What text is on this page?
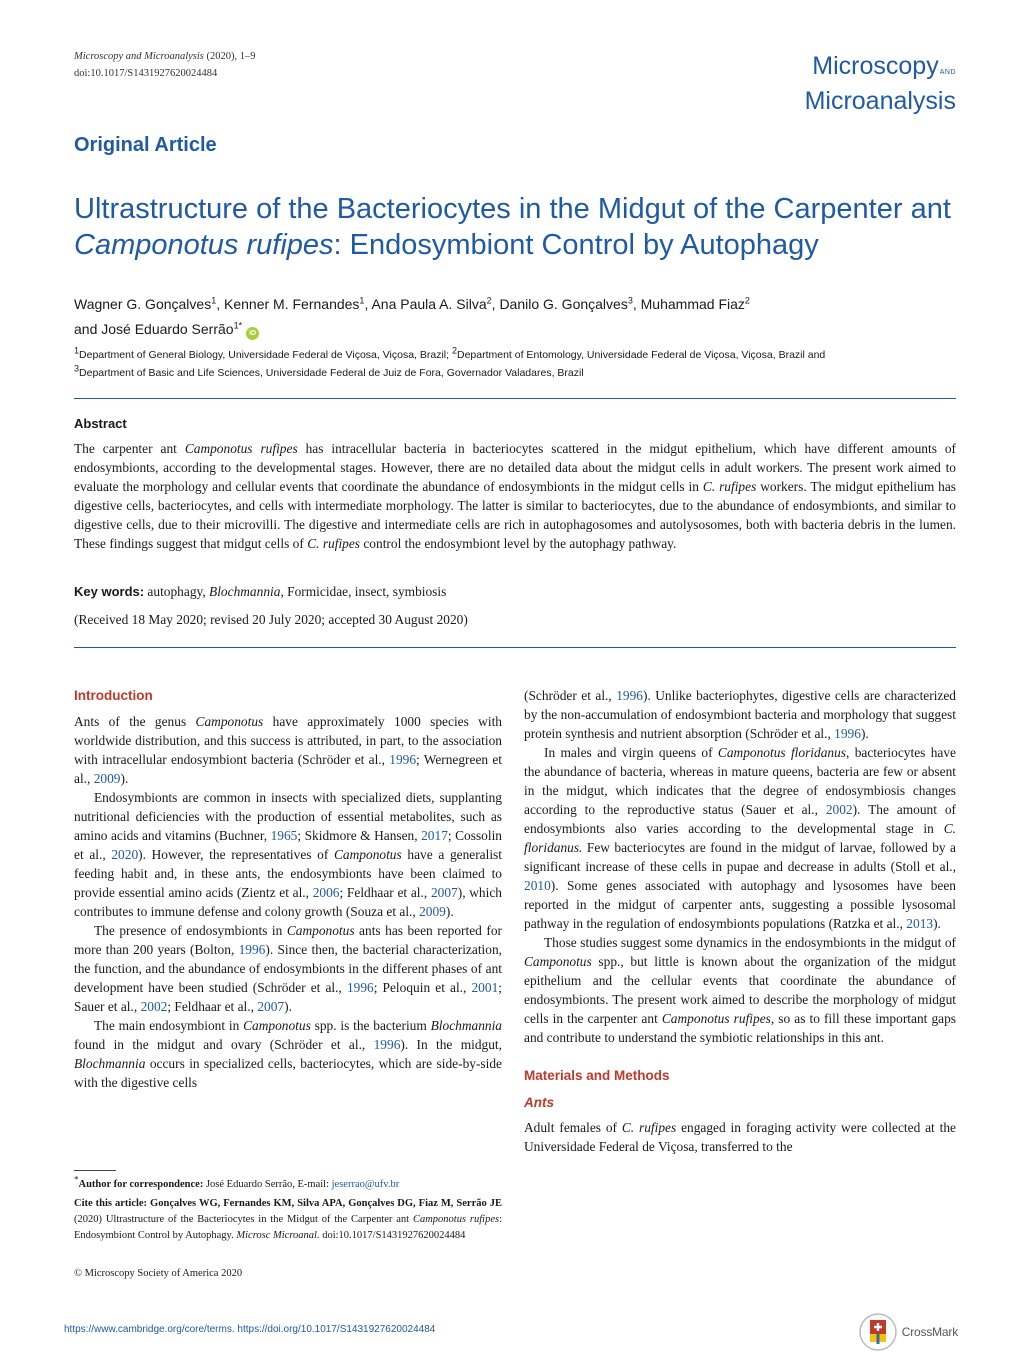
Microscopy and Microanalysis (2020), 1–9
doi:10.1017/S1431927620024484	MicroscopyAND
Microanalysis
Original Article
Ultrastructure of the Bacteriocytes in the Midgut of the Carpenter ant Camponotus rufipes: Endosymbiont Control by Autophagy
Wagner G. Gonçalves$^1$, Kenner M. Fernandes$^1$, Ana Paula A. Silva$^2$, Danilo G. Gonçalves$^3$, Muhammad Fiaz$^2$
and José Eduardo Serrão$^{1*}$iD
$^1$Department of General Biology, Universidade Federal de Viçosa, Viçosa, Brazil; $^2$Department of Entomology, Universidade Federal de Viçosa, Viçosa, Brazil and
$^3$Department of Basic and Life Sciences, Universidade Federal de Juiz de Fora, Governador Valadares, Brazil
Abstract

The carpenter ant Camponotus rufipes has intracellular bacteria in bacteriocytes scattered in the midgut epithelium, which have different amounts of endosymbionts, according to the developmental stages. However, there are no detailed data about the midgut cells in adult workers. The present work aimed to evaluate the morphology and cellular events that coordinate the abundance of endosymbionts in the midgut cells in C. rufipes workers. The midgut epithelium has digestive cells, bacteriocytes, and cells with intermediate morphology. The latter is similar to bacteriocytes, due to the abundance of endosymbionts, and similar to digestive cells, due to their microvilli. The digestive and intermediate cells are rich in autophagosomes and autolysosomes, both with bacteria debris in the lumen. These findings suggest that midgut cells of C. rufipes control the endosymbiont level by the autophagy pathway.

Key words: autophagy, Blochmannia, Formicidae, insect, symbiosis
(Received 18 May 2020; revised 20 July 2020; accepted 30 August 2020)
Introduction

Ants of the genus Camponotus have approximately 1000 species with worldwide distribution, and this success is attributed, in part, to the association with intracellular endosymbiont bacteria (Schröder et al., 1996; Wernegreen et al., 2009).

Endosymbionts are common in insects with specialized diets, supplanting nutritional deficiencies with the production of essential metabolites, such as amino acids and vitamins (Buchner, 1965; Skidmore & Hansen, 2017; Cossolin et al., 2020). However, the representatives of Camponotus have a generalist feeding habit and, in these ants, the endosymbionts have been claimed to provide essential amino acids (Zientz et al., 2006; Feldhaar et al., 2007), which contributes to immune defense and colony growth (Souza et al., 2009).

The presence of endosymbionts in Camponotus ants has been reported for more than 200 years (Bolton, 1996). Since then, the bacterial characterization, the function, and the abundance of endosymbionts in the different phases of ant development have been studied (Schröder et al., 1996; Peloquin et al., 2001; Sauer et al., 2002; Feldhaar et al., 2007).

The main endosymbiont in Camponotus spp. is the bacterium Blochmannia found in the midgut and ovary (Schröder et al., 1996). In the midgut, Blochmannia occurs in specialized cells, bacteriocytes, which are side-by-side with the digestive cells

(Schröder et al., 1996). Unlike bacteriophytes, digestive cells are characterized by the non-accumulation of endosymbiont bacteria and morphology that suggest protein synthesis and nutrient absorption (Schröder et al., 1996).

In males and virgin queens of Camponotus floridanus, bacteriocytes have the abundance of bacteria, whereas in mature queens, bacteria are few or absent in the midgut, which indicates that the degree of endosymbiosis changes according to the reproductive status (Sauer et al., 2002). The amount of endosymbionts also varies according to the developmental stage in C. floridanus. Few bacteriocytes are found in the midgut of larvae, followed by a significant increase of these cells in pupae and decrease in adults (Stoll et al., 2010). Some genes associated with autophagy and lysosomes have been reported in the midgut of carpenter ants, suggesting a possible lysosomal pathway in the regulation of endosymbionts populations (Ratzka et al., 2013).

Those studies suggest some dynamics in the endosymbionts in the midgut of Camponotus spp., but little is known about the organization of the midgut epithelium and the cellular events that coordinate the abundance of endosymbionts. The present work aimed to describe the morphology of midgut cells in the carpenter ant Camponotus rufipes, so as to fill these important gaps and contribute to understand the symbiotic relationships in this ant.

Materials and Methods
Ants

Adult females of C. rufipes engaged in foraging activity were collected at the Universidade Federal de Viçosa, transferred to the

*Author for correspondence: José Eduardo Serrão, E-mail: jeserrao@ufv.br

Cite this article: Gonçalves WG, Fernandes KM, Silva APA, Gonçalves DG, Fiaz M, Serrão JE (2020) Ultrastructure of the Bacteriocytes in the Midgut of the Carpenter ant Camponotus rufipes: Endosymbiont Control by Autophagy. Microsc Microanal. doi:10.1017/S1431927620024484

© Microscopy Society of America 2020
https://www.cambridge.org/core/terms. https://doi.org/10.1017/S1431927620024484	CrossMark
